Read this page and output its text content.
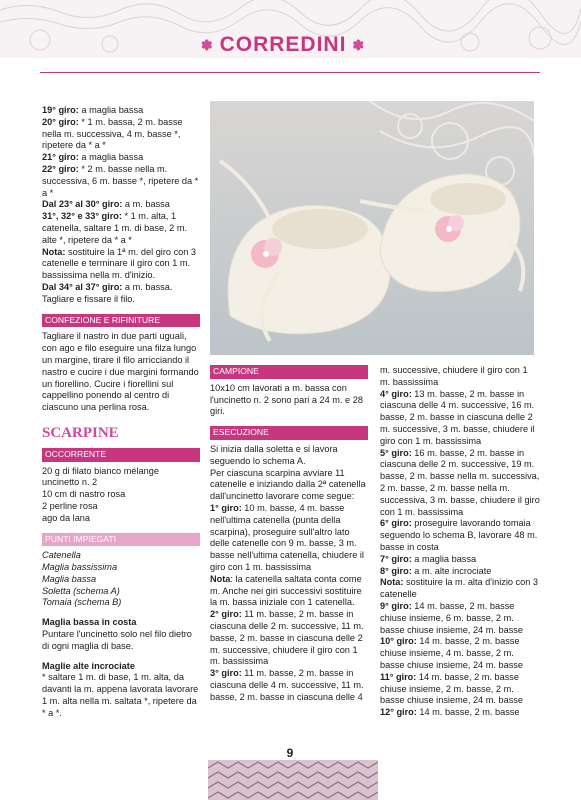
✽ CORREDINI ✽

19° giro: a maglia bassa

20° giro: * 1 m. bassa, 2 m. basse nella m. successiva, 4 m. basse *, ripetere da * a *

21° giro: a maglia bassa

22° giro: * 2 m. basse nella m. successiva, 6 m. basse *, ripetere da * a *

Dal 23° al 30° giro: a m. bassa

31°, 32° e 33° giro: * 1 m. alta, 1 catenella, saltare 1 m. di base, 2 m. alte *, ripetere da * a *

Nota: sostituire la 1ª m. del giro con 3 catenelle e terminare il giro con 1 m. bassissima nella m. d'inizio.

Dal 34° al 37° giro: a m. bassa. Tagliare e fissare il filo.

CONFEZIONE E RIFINITURE

Tagliare il nastro in due parti uguali, con ago e filo eseguire una filza lungo un margine, tirare il filo arricciando il nastro e cucire i due margini formando un fiorellino. Cucire i fiorellini sul cappellino ponendo al centro di ciascuno una perlina rosa.

SCARPINE
OCCORRENTE

20 g di filato bianco mélange

uncinetto n. 2

10 cm di nastro rosa

2 perline rosa

ago da lana

PUNTI IMPIEGATI

Catenella

Maglia bassissima

Maglia bassa

Soletta (schema A)

Tomaia (schema B)

Maglia bassa in costa

Puntare l'uncinetto solo nel filo dietro di ogni maglia di base.

Maglie alte incrociate

* saltare 1 m. di base, 1 m. alta, da davanti la m. appena lavorata lavorare 1 m. alta nella m. saltata *, ripetere da * a *.

CAMPIONE

10x10 cm lavorati a m. bassa con l'uncinetto n. 2 sono pari a 24 m. e 28 giri.

ESECUZIONE

Si inizia dalla soletta e si lavora seguendo lo schema A.

Per ciascuna scarpina avviare 11 catenelle e iniziando dalla 2ª catenella dall'uncinetto lavorare come segue:

1° giro: 10 m. basse, 4 m. basse nell'ultima catenella (punta della scarpina), proseguire sull'altro lato delle catenelle con 9 m. basse, 3 m. basse nell'ultima catenella, chiudere il giro con 1 m. bassissima

Nota: la catenella saltata conta come m. Anche nei giri successivi sostituire la m. bassa iniziale con 1 catenella.

2° giro: 11 m. basse, 2 m. basse in ciascuna delle 2 m. successive, 11 m. basse, 2 m. basse in ciascuna delle 2 m. successive, chiudere il giro con 1 m. bassissima

3° giro: 11 m. basse, 2 m. basse in ciascuna delle 4 m. successive, 11 m. basse, 2 m. basse in ciascuna delle 4

m. successive, chiudere il giro con 1 m. bassissima

4° giro: 13 m. basse, 2 m. basse in ciascuna delle 4 m. successive, 16 m. basse, 2 m. basse in ciascuna delle 2 m. successive, 3 m. basse, chiudere il giro con 1 m. bassissima

5° giro: 16 m. basse, 2 m. basse in ciascuna delle 2 m. successive, 19 m. basse, 2 m. basse nella m. successiva, 2 m. basse, 2 m. basse nella m. successiva, 3 m. basse, chiudere il giro con 1 m. bassissima

6° giro: proseguire lavorando tomaia seguendo lo schema B, lavorare 48 m. basse in costa

7° giro: a maglia bassa

8° giro: a m. alte incrociate

Nota: sostituire la m. alta d'inizio con 3 catenelle

9° giro: 14 m. basse, 2 m. basse chiuse insieme, 6 m. basse, 2 m. basse chiuse insieme, 24 m. basse

10° giro: 14 m. basse, 2 m. basse chiuse insieme, 4 m. basse, 2 m. basse chiuse insieme, 24 m. basse

11° giro: 14 m. basse, 2 m. basse chiuse insieme, 2 m. basse, 2 m. basse chiuse insieme, 24 m. basse

12° giro: 14 m. basse, 2 m. basse

9
PassionForum.ru
